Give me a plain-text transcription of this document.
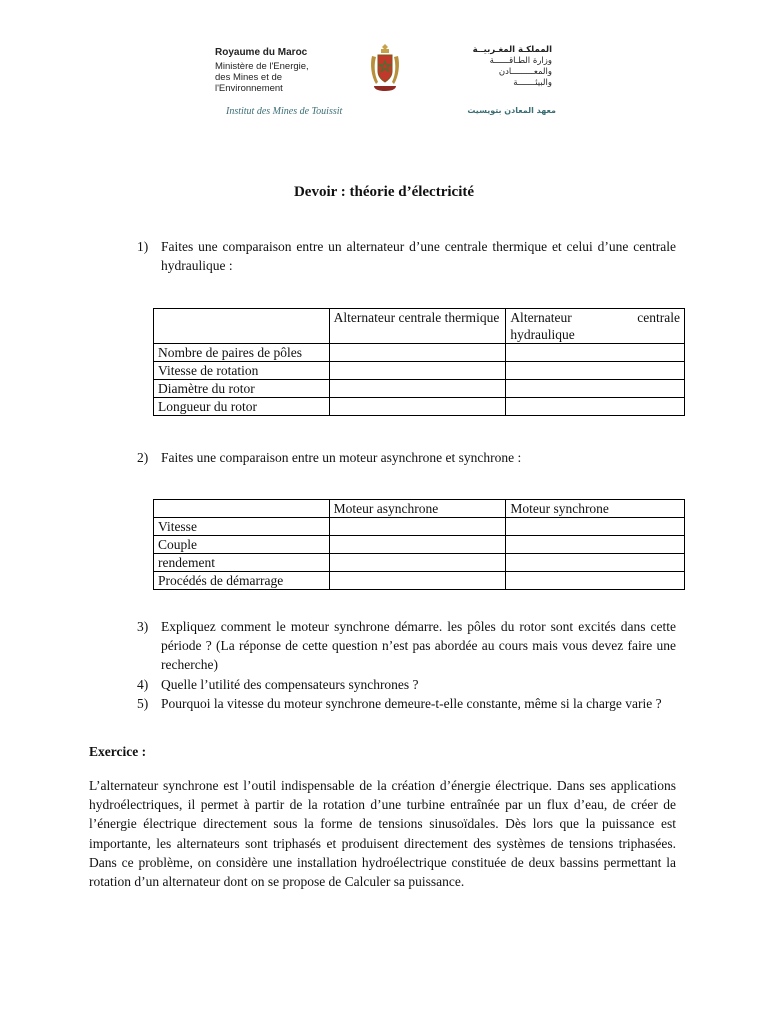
Royaume du Maroc
Ministère de l'Energie,
des Mines et de
l'Environnement
Institut des Mines de Touissit
المملكـة المغـربيــة
وزارة الطـاقــــــة
والمعـــــــــادن
والبيئـــــــة
معهد المعادن بتويسيت
Devoir : théorie d’électricité
1) Faites une comparaison entre un alternateur d’une centrale thermique et celui d’une centrale hydraulique :
	Alternateur centrale thermique	Alternateur centrale hydraulique
Nombre de paires de pôles		
Vitesse de rotation		
Diamètre du rotor		
Longueur du rotor		
2) Faites une comparaison entre un moteur asynchrone et synchrone :
	Moteur asynchrone	Moteur synchrone
Vitesse		
Couple		
rendement		
Procédés de démarrage		
3) Expliquez comment le moteur synchrone démarre. les pôles du rotor sont excités dans cette période ? (La réponse de cette question n’est pas abordée au cours mais vous devez faire une recherche)
4) Quelle l’utilité des compensateurs synchrones ?
5) Pourquoi la vitesse du moteur synchrone demeure-t-elle constante, même si la charge varie ?
Exercice :
L’alternateur synchrone est l’outil indispensable de la création d’énergie électrique. Dans ses applications hydroélectriques, il permet à partir de la rotation d’une turbine entraînée par un flux d’eau, de créer de l’énergie électrique directement sous la forme de tensions sinusoïdales. Dès lors que la puissance est importante, les alternateurs sont triphasés et produisent directement des systèmes de tensions triphasées. Dans ce problème, on considère une installation hydroélectrique constituée de deux bassins permettant la rotation d’un alternateur dont on se propose de Calculer sa puissance.
